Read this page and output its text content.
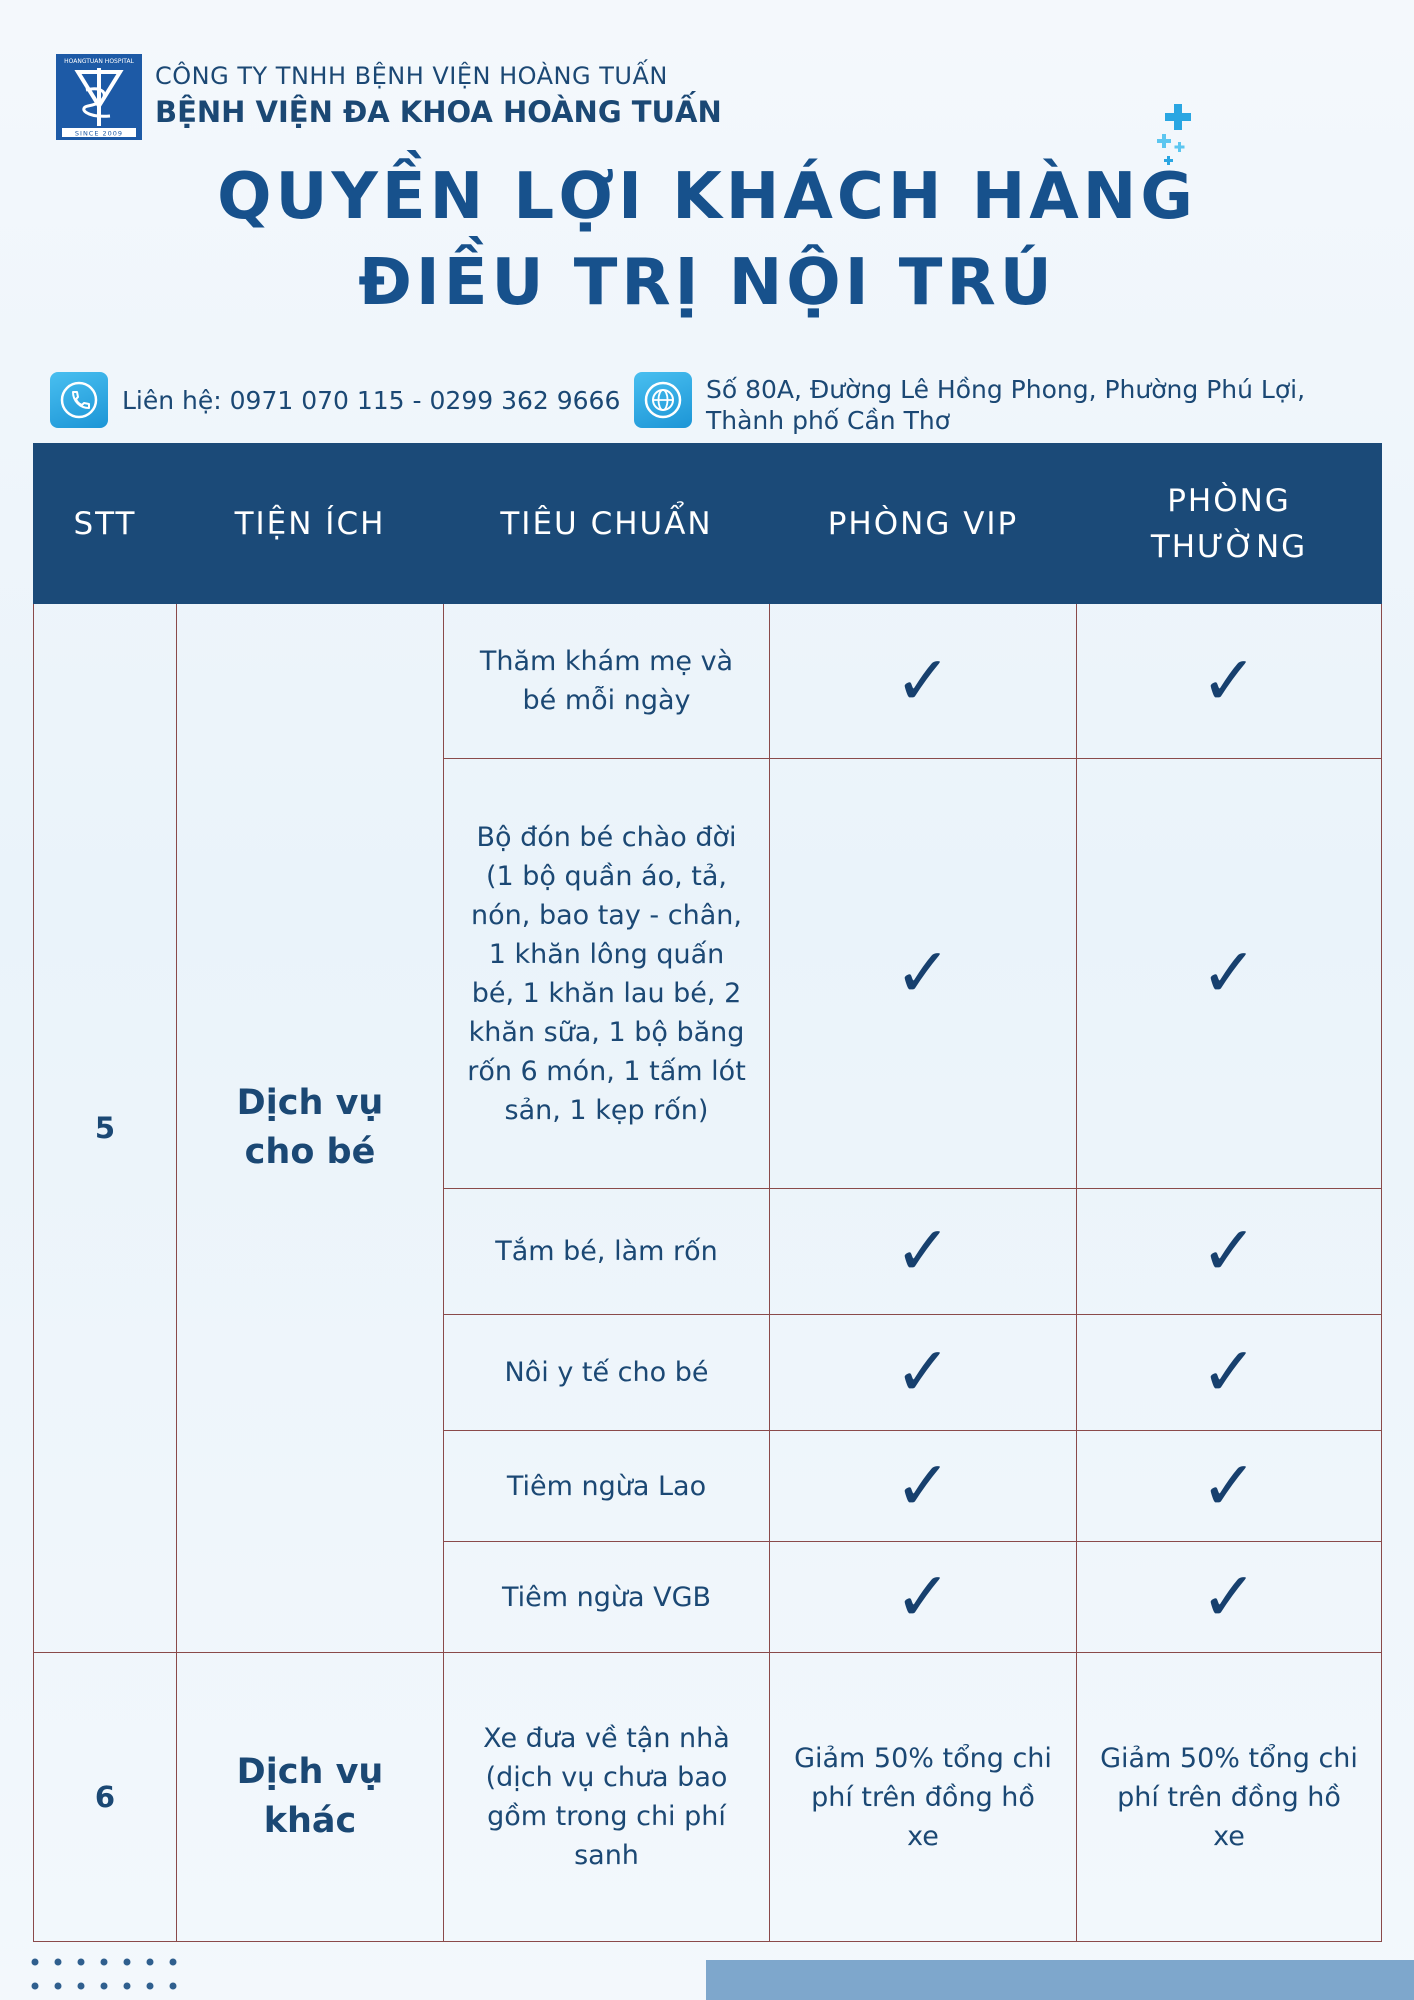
HOANGTUAN HOSPITAL
SINCE 2009
CÔNG TY TNHH BỆNH VIỆN HOÀNG TUẤN
BỆNH VIỆN ĐA KHOA HOÀNG TUẤN
QUYỀN LỢI KHÁCH HÀNG
ĐIỀU TRỊ NỘI TRÚ
Liên hệ: 0971 070 115 - 0299 362 9666	Số 80A, Đường Lê Hồng Phong, Phường Phú Lợi,
Thành phố Cần Thơ
STT	TIỆN ÍCH	TIÊU CHUẨN	PHÒNG VIP	PHÒNG THƯỜNG
5	Dịch vụ cho bé	Thăm khám mẹ và bé mỗi ngày	✓	✓
		Bộ đón bé chào đời (1 bộ quần áo, tả, nón, bao tay - chân, 1 khăn lông quấn bé, 1 khăn lau bé, 2 khăn sữa, 1 bộ băng rốn 6 món, 1 tấm lót sản, 1 kẹp rốn)	✓	✓
		Tắm bé, làm rốn	✓	✓
		Nôi y tế cho bé	✓	✓
		Tiêm ngừa Lao	✓	✓
		Tiêm ngừa VGB	✓	✓
6	Dịch vụ khác	Xe đưa về tận nhà (dịch vụ chưa bao gồm trong chi phí sanh	Giảm 50% tổng chi phí trên đồng hồ xe	Giảm 50% tổng chi phí trên đồng hồ xe
